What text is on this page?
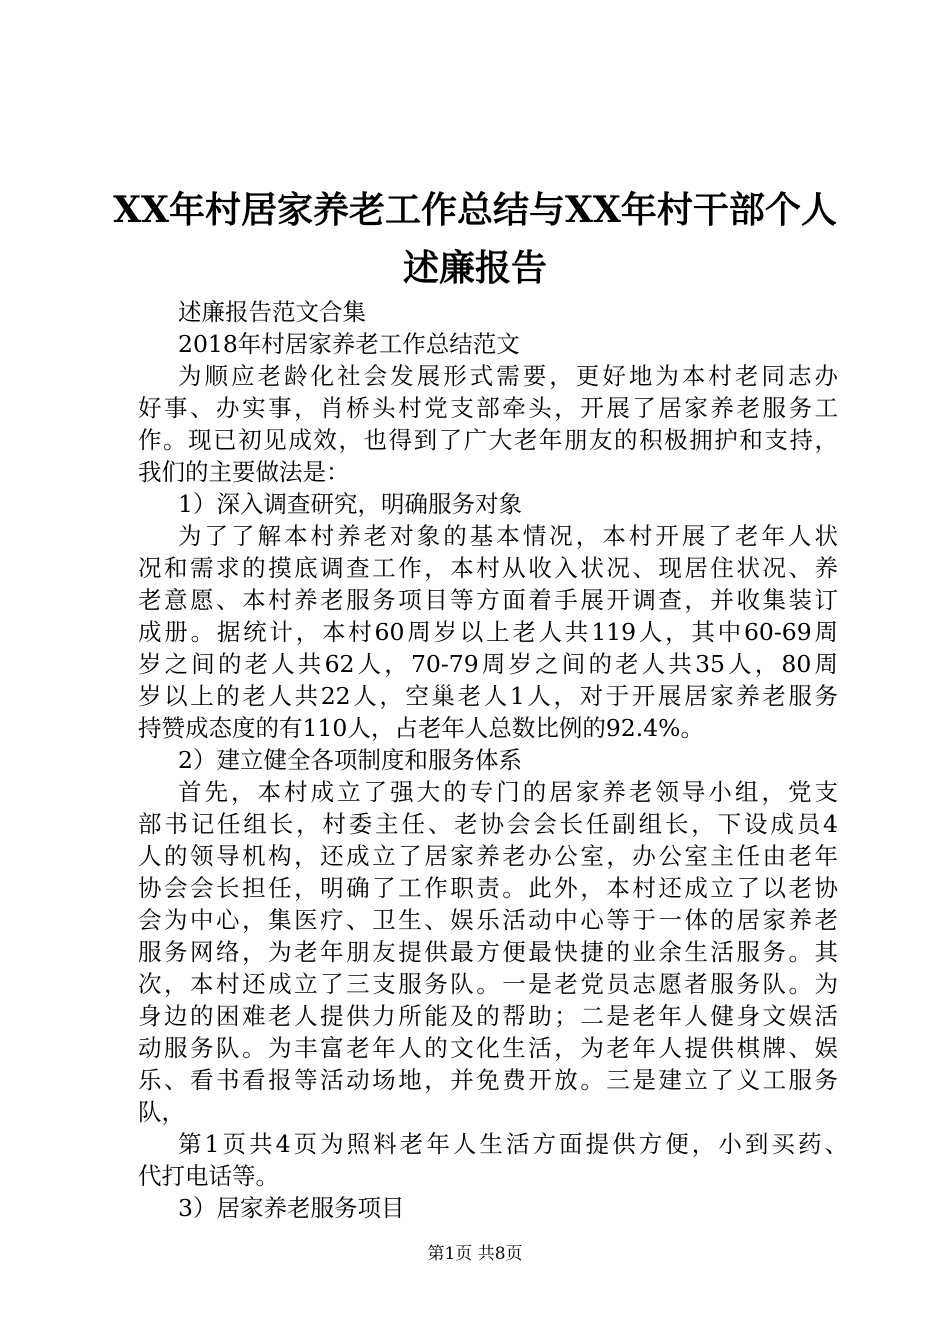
XX年村居家养老工作总结与XX年村干部个人
述廉报告
述廉报告范文合集
2018年村居家养老工作总结范文
为顺应老龄化社会发展形式需要，更好地为本村老同志办
好事、办实事，肖桥头村党支部牵头，开展了居家养老服务工
作。现已初见成效，也得到了广大老年朋友的积极拥护和支持，
我们的主要做法是：
1）深入调查研究，明确服务对象
为了了解本村养老对象的基本情况，本村开展了老年人状
况和需求的摸底调查工作，本村从收入状况、现居住状况、养
老意愿、本村养老服务项目等方面着手展开调查，并收集装订
成册。据统计，本村60周岁以上老人共119人，其中60-69周
岁之间的老人共62人，70-79周岁之间的老人共35人，80周
岁以上的老人共22人，空巢老人1人，对于开展居家养老服务
持赞成态度的有110人，占老年人总数比例的92.4%。
2）建立健全各项制度和服务体系
首先，本村成立了强大的专门的居家养老领导小组，党支
部书记任组长，村委主任、老协会会长任副组长，下设成员4
人的领导机构，还成立了居家养老办公室，办公室主任由老年
协会会长担任，明确了工作职责。此外，本村还成立了以老协
会为中心，集医疗、卫生、娱乐活动中心等于一体的居家养老
服务网络，为老年朋友提供最方便最快捷的业余生活服务。其
次，本村还成立了三支服务队。一是老党员志愿者服务队。为
身边的困难老人提供力所能及的帮助；二是老年人健身文娱活
动服务队。为丰富老年人的文化生活，为老年人提供棋牌、娱
乐、看书看报等活动场地，并免费开放。三是建立了义工服务
队，
第1页共4页为照料老年人生活方面提供方便，小到买药、
代打电话等。
3）居家养老服务项目
第1页 共8页
